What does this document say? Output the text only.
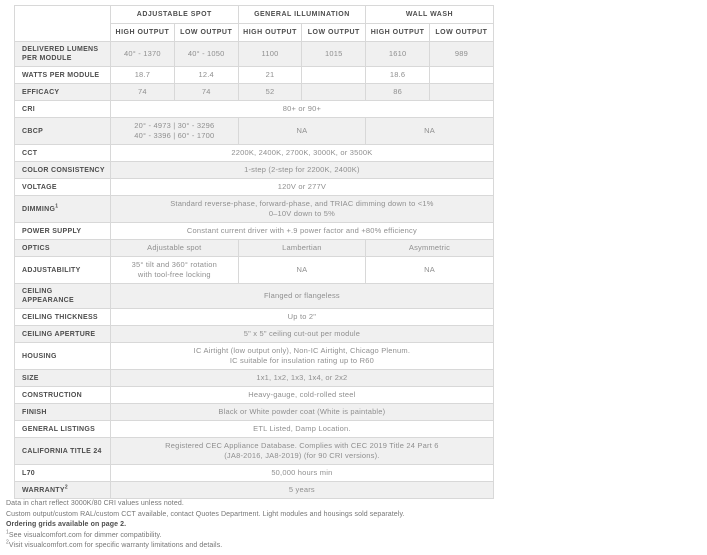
	ADJUSTABLE SPOT		GENERAL ILLUMINATION		WALL WASH	
	HIGH OUTPUT	LOW OUTPUT	HIGH OUTPUT	LOW OUTPUT	HIGH OUTPUT	LOW OUTPUT
DELIVERED LUMENS PER MODULE	40° - 1370	40° - 1050	1100	1015	1610	989

WATTS PER MODULE	18.7	12.4	21		18.6	

EFFICACY	74	74	52		86	

CRI	80+ or 90+					

CBCP	20° - 4973 | 30° - 3296
40° - 3396 | 60° - 1700		NA		NA	

CCT	2200K, 2400K, 2700K, 3000K, or 3500K					

COLOR CONSISTENCY	1-step (2-step for 2200K, 2400K)					

VOLTAGE	120V or 277V					

DIMMING$^1$	Standard reverse-phase, forward-phase, and TRIAC dimming down to <1%
0–10V down to 5%					

POWER SUPPLY	Constant current driver with +.9 power factor and +80% efficiency					

OPTICS	Adjustable spot		Lambertian		Asymmetric	

ADJUSTABILITY	35° tilt and 360° rotation
with tool-free locking		NA		NA	

CEILING APPEARANCE	Flanged or flangeless					

CEILING THICKNESS	Up to 2"					

CEILING APERTURE	5" x 5" ceiling cut-out per module					

HOUSING	IC Airtight (low output only), Non-IC Airtight, Chicago Plenum.
IC suitable for insulation rating up to R60					

SIZE	1x1, 1x2, 1x3, 1x4, or 2x2					

CONSTRUCTION	Heavy-gauge, cold-rolled steel					

FINISH	Black or White powder coat (White is paintable)					

GENERAL LISTINGS	ETL Listed, Damp Location.					

CALIFORNIA TITLE 24	Registered CEC Appliance Database. Complies with CEC 2019 Title 24 Part 6
(JA8-2016, JA8-2019) (for 90 CRI versions).					

L70	50,000 hours min					

WARRANTY$^2$	5 years					

Data in chart reflect 3000K/80 CRI values unless noted.

Custom output/custom RAL/custom CCT available, contact Quotes Department. Light modules and housings sold separately.

Ordering grids available on page 2.

$^1$See visualcomfort.com for dimmer compatibility.

$^2$Visit visualcomfort.com for specific warranty limitations and details.
